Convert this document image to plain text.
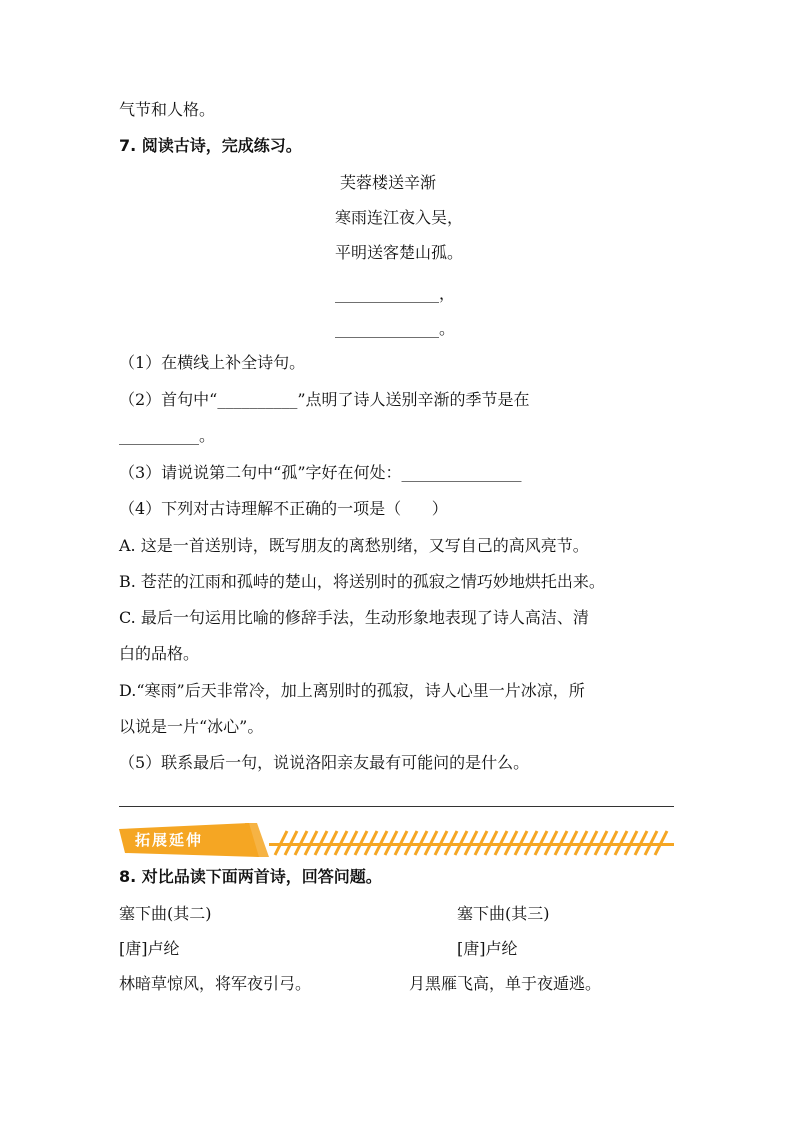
气节和人格。
7. 阅读古诗，完成练习。
芙蓉楼送辛渐
寒雨连江夜入吴，
平明送客楚山孤。
_____________，
_____________。
（1）在横线上补全诗句。
（2）首句中“__________”点明了诗人送别辛渐的季节是在
__________。
（3）请说说第二句中“孤”字好在何处：_______________
（4）下列对古诗理解不正确的一项是（      ）
A. 这是一首送别诗，既写朋友的离愁别绪，又写自己的高风亮节。
B. 苍茫的江雨和孤峙的楚山，将送别时的孤寂之情巧妙地烘托出来。
C. 最后一句运用比喻的修辞手法，生动形象地表现了诗人高洁、清
白的品格。
D.“寒雨”后天非常冷，加上离别时的孤寂，诗人心里一片冰凉，所
以说是一片“冰心”。
（5）联系最后一句，说说洛阳亲友最有可能问的是什么。
拓展延伸
8. 对比品读下面两首诗，回答问题。
塞下曲(其二)	塞下曲(其三)
[唐]卢纶	[唐]卢纶
林暗草惊风，将军夜引弓。	月黑雁飞高，单于夜遁逃。
